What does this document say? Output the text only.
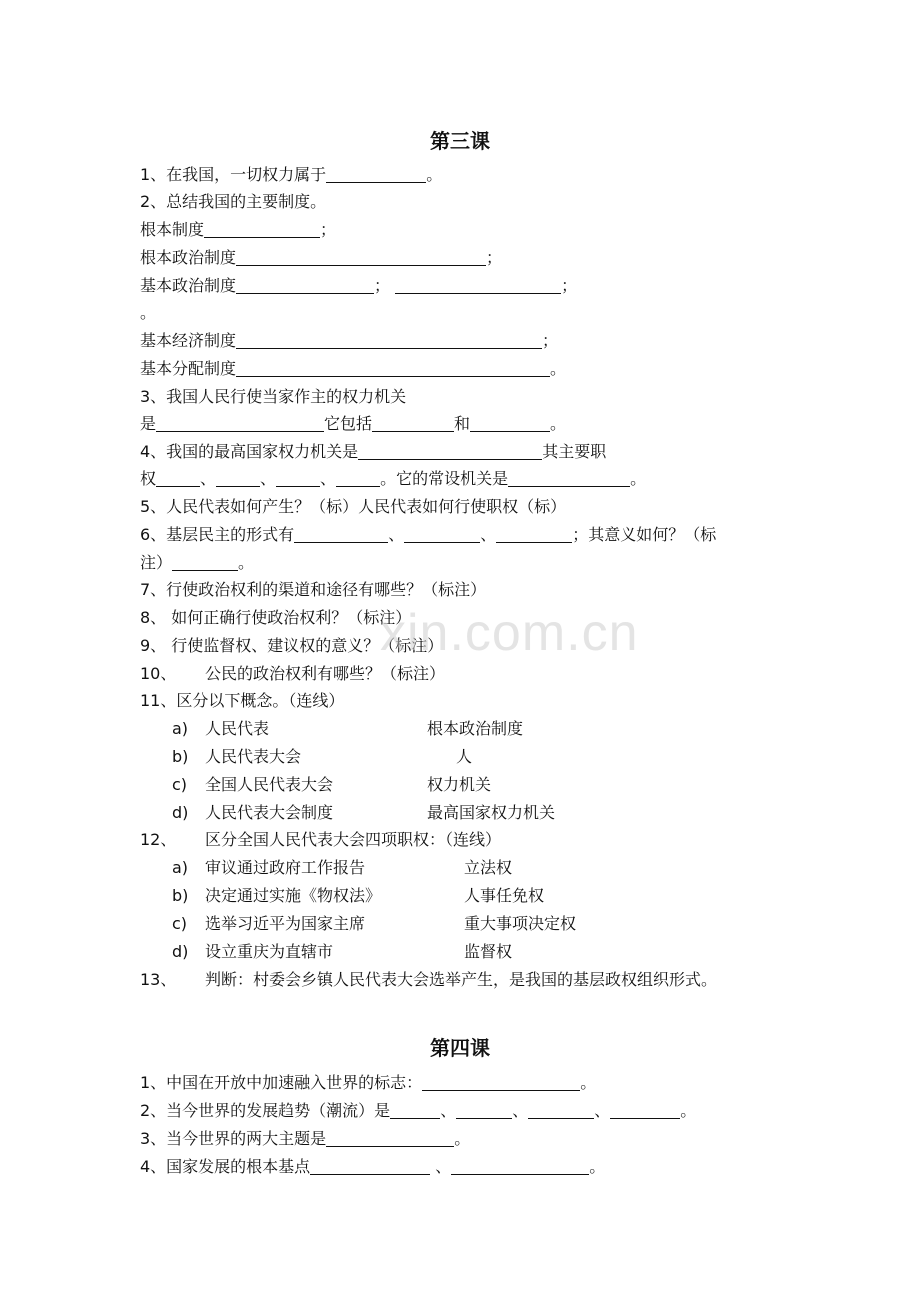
第三课
1、在我国，一切权力属于	。
2、总结我国的主要制度。
根本制度	；
根本政治制度	；
基本政治制度	；	；
。
基本经济制度	；
基本分配制度	。
3、我国人民行使当家作主的权力机关
是	它包括	和	。
4、我国的最高国家权力机关是	其主要职
权	、	、	、	。它的常设机关是	。
5、人民代表如何产生？（标）人民代表如何行使职权（标）
6、基层民主的形式有	、	、	；其意义如何？（标
注）	。
7、行使政治权利的渠道和途径有哪些？（标注）
8、 如何正确行使政治权利？（标注）
9、 行使监督权、建议权的意义？（标注）
xin.com.cn
10、 公民的政治权利有哪些？（标注）
11、区分以下概念。（连线）
a) 人民代表	根本政治制度
b) 人民代表大会	人
c) 全国人民代表大会	权力机关
d) 人民代表大会制度	最高国家权力机关
12、 区分全国人民代表大会四项职权：（连线）
a) 审议通过政府工作报告	立法权
b) 决定通过实施《物权法》	人事任免权
c) 选举习近平为国家主席	重大事项决定权
d) 设立重庆为直辖市	监督权
13、 判断：村委会乡镇人民代表大会选举产生，是我国的基层政权组织形式。
第四课
1、中国在开放中加速融入世界的标志：	。
2、当今世界的发展趋势（潮流）是	、	、	、	。
3、当今世界的两大主题是	。
4、国家发展的根本基点	、	。
